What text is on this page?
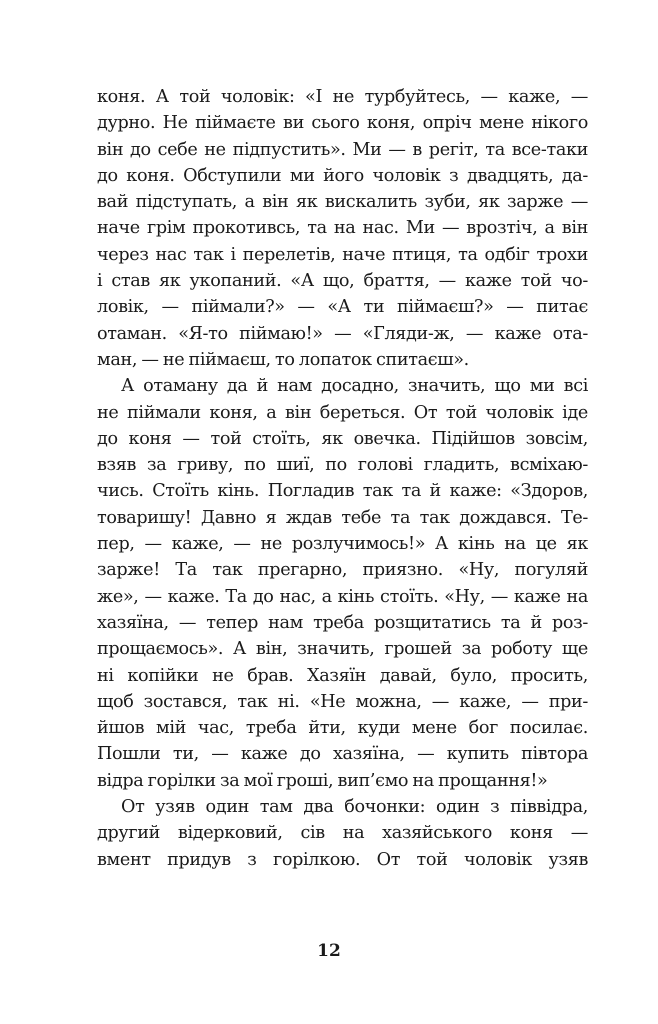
коня. А той чоловік: «І не турбуйтесь, — каже, —
дурно. Не піймаєте ви сього коня, опріч мене нікого
він до себе не підпустить». Ми — в регіт, та все-таки
до коня. Обступили ми його чоловік з двадцять, да-
вай підступать, а він як вискалить зуби, як зарже —
наче грім прокотивсь, та на нас. Ми — врозтіч, а він
через нас так і перелетів, наче птиця, та одбіг трохи
і став як укопаний. «А що, браття, — каже той чо-
ловік, — піймали?» — «А ти піймаєш?» — питає
отаман. «Я-то піймаю!» — «Гляди-ж, — каже ота-
ман, — не піймаєш, то лопаток спитаєш».
А отаману да й нам досадно, значить, що ми всі
не піймали коня, а він береться. От той чоловік іде
до коня — той стоїть, як овечка. Підійшов зовсім,
взяв за гриву, по шиї, по голові гладить, всміхаю-
чись. Стоїть кінь. Погладив так та й каже: «Здоров,
товаришу! Давно я ждав тебе та так дождався. Те-
пер, — каже, — не розлучимось!» А кінь на це як
зарже! Та так прегарно, приязно. «Ну, погуляй
же», — каже. Та до нас, а кінь стоїть. «Ну, — каже на
хазяїна, — тепер нам треба розщитатись та й роз-
прощаємось». А він, значить, грошей за роботу ще
ні копійки не брав. Хазяїн давай, було, просить,
щоб зостався, так ні. «Не можна, — каже, — при-
йшов мій час, треба йти, куди мене бог посилає.
Пошли ти, — каже до хазяїна, — купить півтора
відра горілки за мої гроші, вип’ємо на прощання!»
От узяв один там два бочонки: один з піввідра,
другий відерковий, сів на хазяйського коня —
вмент придув з горілкою. От той чоловік узяв
12
